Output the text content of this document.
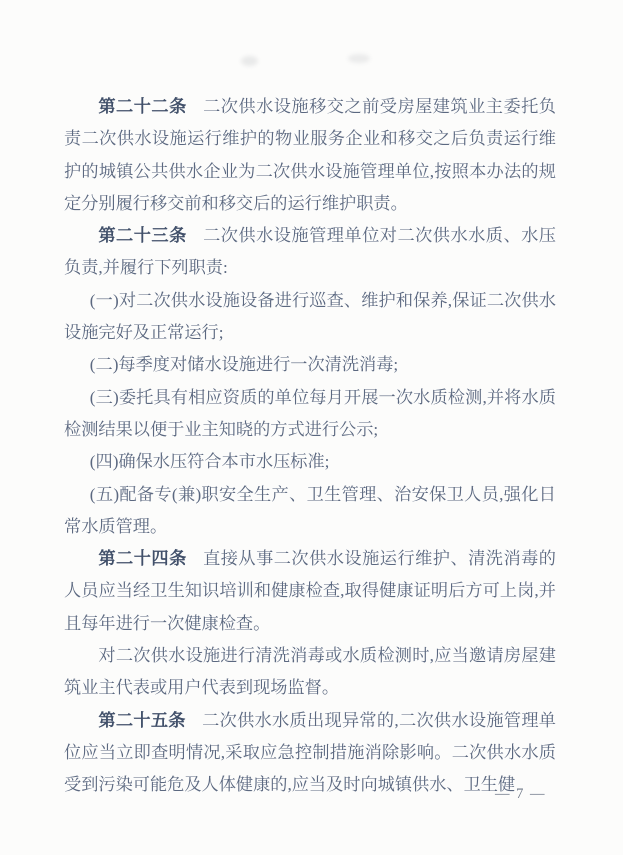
第二十二条 二次供水设施移交之前受房屋建筑业主委托负责二次供水设施运行维护的物业服务企业和移交之后负责运行维护的城镇公共供水企业为二次供水设施管理单位,按照本办法的规定分别履行移交前和移交后的运行维护职责。

第二十三条 二次供水设施管理单位对二次供水水质、水压负责,并履行下列职责:

(一)对二次供水设施设备进行巡查、维护和保养,保证二次供水设施完好及正常运行;

(二)每季度对储水设施进行一次清洗消毒;

(三)委托具有相应资质的单位每月开展一次水质检测,并将水质检测结果以便于业主知晓的方式进行公示;

(四)确保水压符合本市水压标准;

(五)配备专(兼)职安全生产、卫生管理、治安保卫人员,强化日常水质管理。

第二十四条 直接从事二次供水设施运行维护、清洗消毒的人员应当经卫生知识培训和健康检查,取得健康证明后方可上岗,并且每年进行一次健康检查。

对二次供水设施进行清洗消毒或水质检测时,应当邀请房屋建筑业主代表或用户代表到现场监督。

第二十五条 二次供水水质出现异常的,二次供水设施管理单位应当立即查明情况,采取应急控制措施消除影响。二次供水水质受到污染可能危及人体健康的,应当及时向城镇供水、卫生健

— 7 —
